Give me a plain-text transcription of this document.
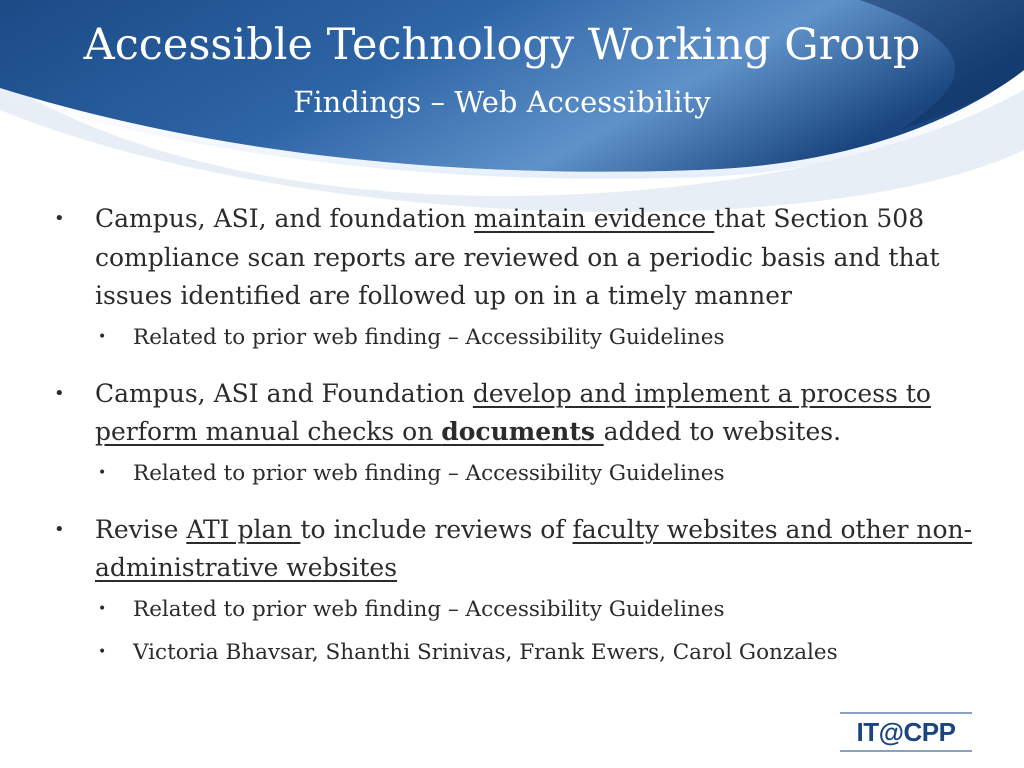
Accessible Technology Working Group
Findings – Web Accessibility

• Campus, ASI, and foundation maintain evidence that Section 508 compliance scan reports are reviewed on a periodic basis and that issues identified are followed up on in a timely manner

• Related to prior web finding – Accessibility Guidelines

• Campus, ASI and Foundation develop and implement a process to perform manual checks on documents added to websites.

• Related to prior web finding – Accessibility Guidelines

• Revise ATI plan to include reviews of faculty websites and other non-administrative websites

• Related to prior web finding – Accessibility Guidelines

• Victoria Bhavsar, Shanthi Srinivas, Frank Ewers, Carol Gonzales

IT@CPP
